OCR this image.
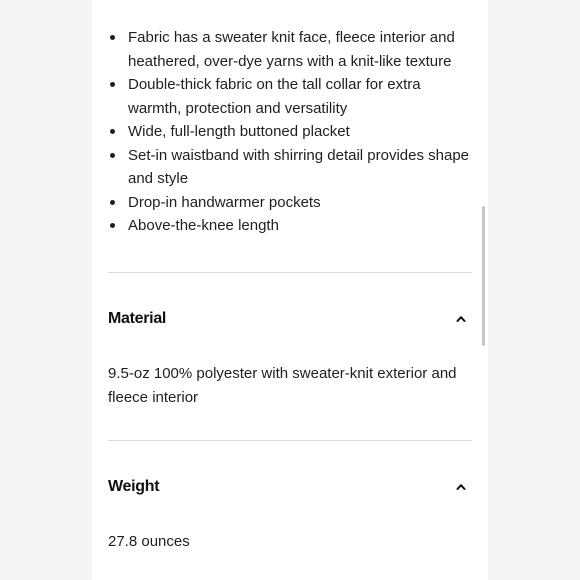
Fabric has a sweater knit face, fleece interior and heathered, over-dye yarns with a knit-like texture
Double-thick fabric on the tall collar for extra warmth, protection and versatility
Wide, full-length buttoned placket
Set-in waistband with shirring detail provides shape and style
Drop-in handwarmer pockets
Above-the-knee length
Material
9.5-oz 100% polyester with sweater-knit exterior and fleece interior
Weight
27.8 ounces
